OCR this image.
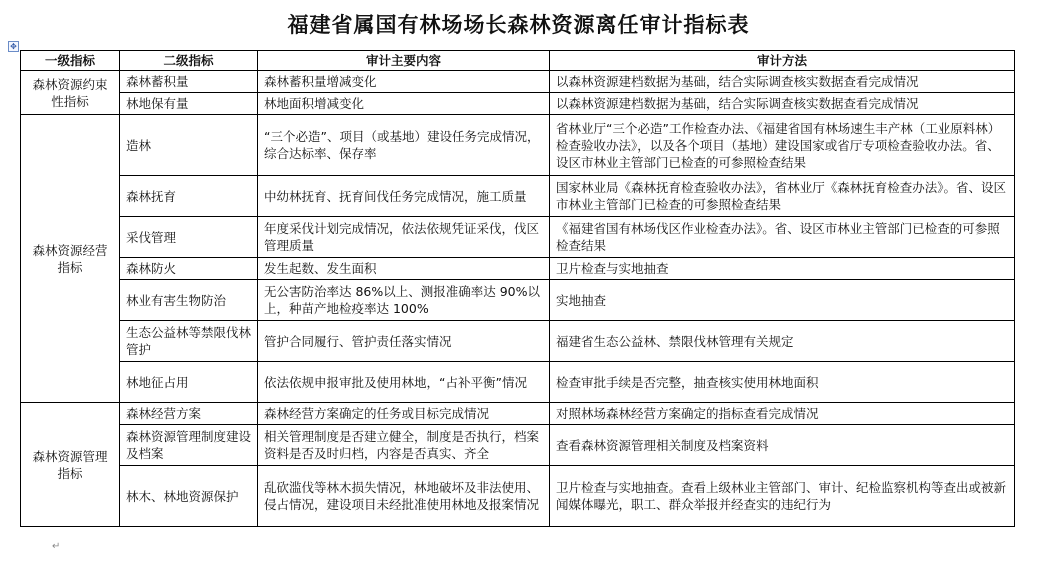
福建省属国有林场场长森林资源离任审计指标表
✥
一级指标	二级指标	审计主要内容	审计方法
森林资源约束性指标	森林蓄积量	森林蓄积量增减变化	以森林资源建档数据为基础，结合实际调查核实数据查看完成情况
	林地保有量	林地面积增减变化	以森林资源建档数据为基础，结合实际调查核实数据查看完成情况
森林资源经营指标	造林	“三个必造”、项目（或基地）建设任务完成情况，综合达标率、保存率	省林业厅“三个必造”工作检查办法、《福建省国有林场速生丰产林（工业原料林）检查验收办法》，以及各个项目（基地）建设国家或省厅专项检查验收办法。省、设区市林业主管部门已检查的可参照检查结果
	森林抚育	中幼林抚育、抚育间伐任务完成情况，施工质量	国家林业局《森林抚育检查验收办法》，省林业厅《森林抚育检查办法》。省、设区市林业主管部门已检查的可参照检查结果
	采伐管理	年度采伐计划完成情况，依法依规凭证采伐，伐区管理质量	《福建省国有林场伐区作业检查办法》。省、设区市林业主管部门已检查的可参照检查结果
	森林防火	发生起数、发生面积	卫片检查与实地抽查
	林业有害生物防治	无公害防治率达 86%以上、测报准确率达 90%以上，种苗产地检疫率达 100%	实地抽查
	生态公益林等禁限伐林管护	管护合同履行、管护责任落实情况	福建省生态公益林、禁限伐林管理有关规定
	林地征占用	依法依规申报审批及使用林地，“占补平衡”情况	检查审批手续是否完整，抽查核实使用林地面积
森林资源管理指标	森林经营方案	森林经营方案确定的任务或目标完成情况	对照林场森林经营方案确定的指标查看完成情况
	森林资源管理制度建设及档案	相关管理制度是否建立健全，制度是否执行，档案资料是否及时归档，内容是否真实、齐全	查看森林资源管理相关制度及档案资料
	林木、林地资源保护	乱砍滥伐等林木损失情况，林地破坏及非法使用、侵占情况，建设项目未经批准使用林地及报案情况	卫片检查与实地抽查。查看上级林业主管部门、审计、纪检监察机构等查出或被新闻媒体曝光，职工、群众举报并经查实的违纪行为
↵
